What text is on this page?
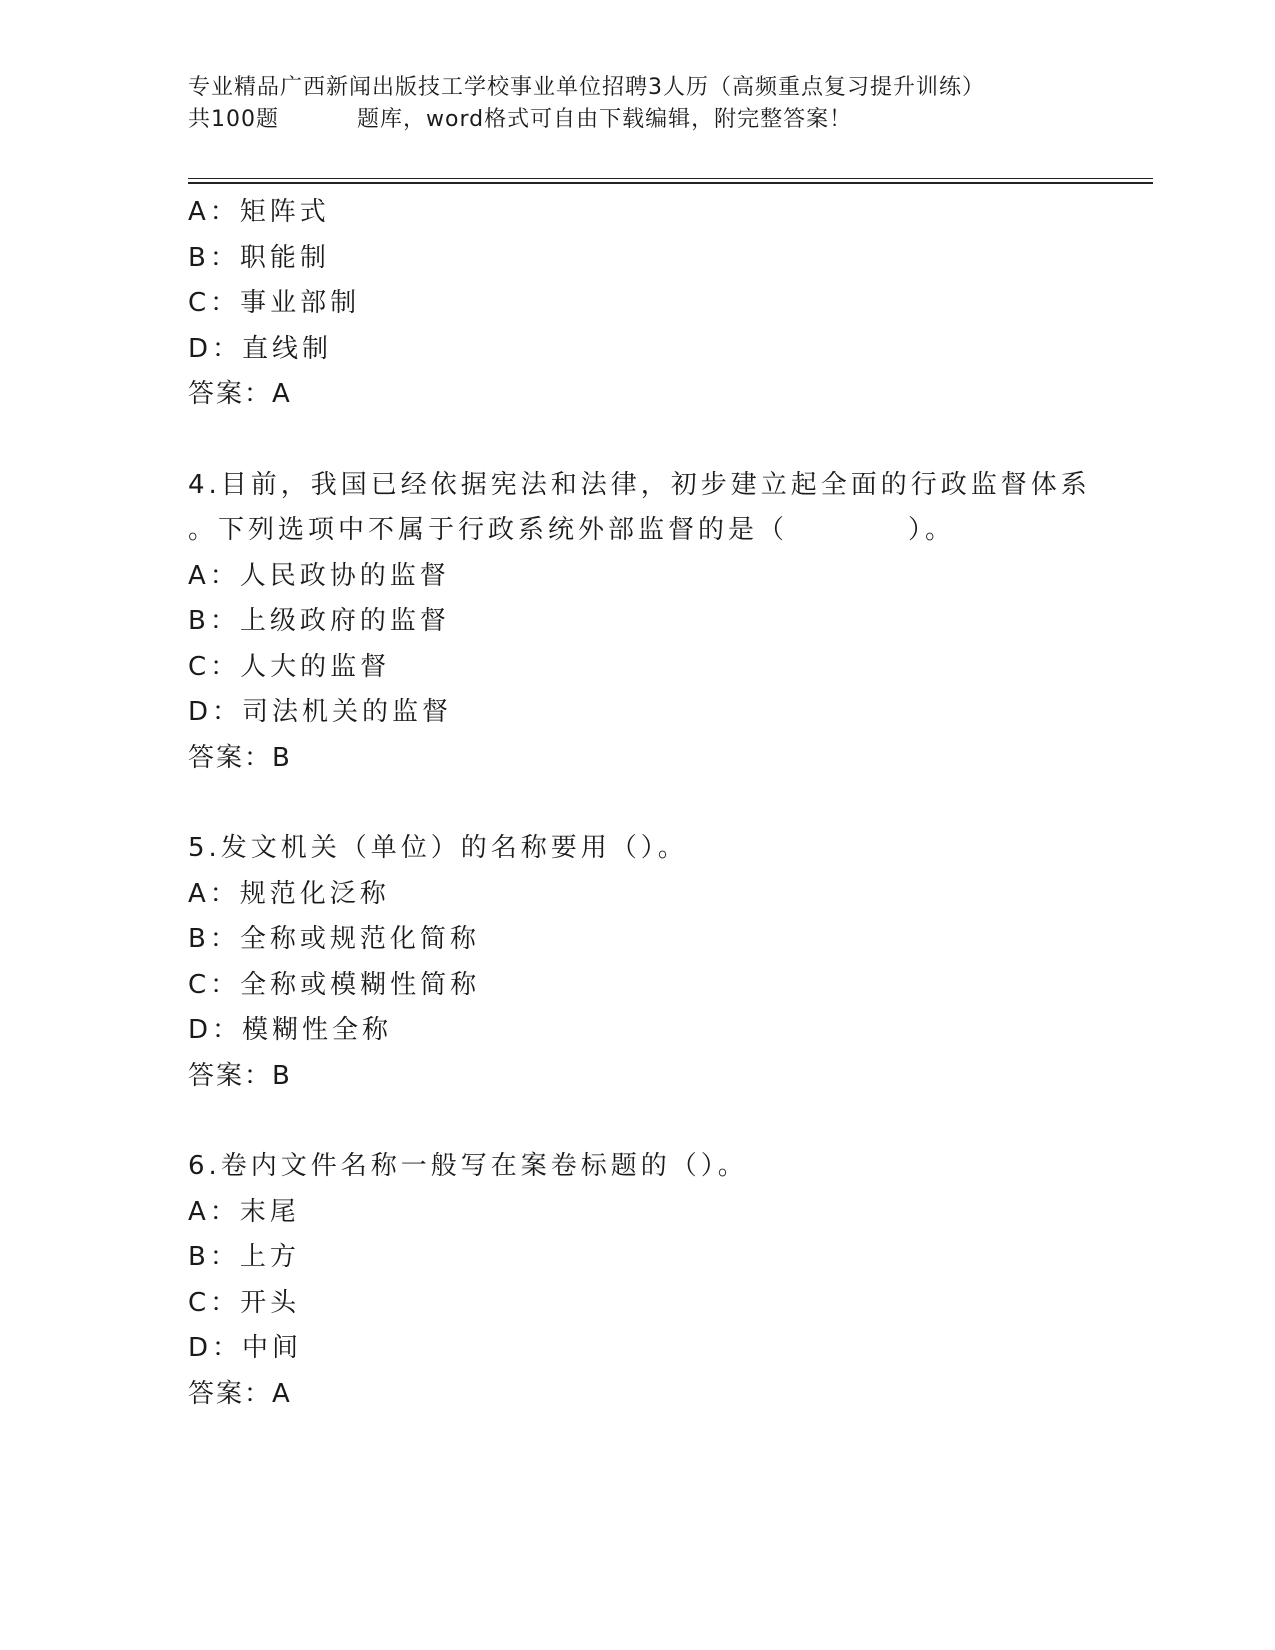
专业精品广西新闻出版技工学校事业单位招聘3人历（高频重点复习提升训练）
共100题	题库，word格式可自由下载编辑，附完整答案！
A：矩阵式
B：职能制
C：事业部制
D：直线制
答案：A
4.目前，我国已经依据宪法和法律，初步建立起全面的行政监督体系
。下列选项中不属于行政系统外部监督的是（	）。
A：人民政协的监督
B：上级政府的监督
C：人大的监督
D：司法机关的监督
答案：B
5.发文机关（单位）的名称要用（）。
A：规范化泛称
B：全称或规范化简称
C：全称或模糊性简称
D：模糊性全称
答案：B
6.卷内文件名称一般写在案卷标题的（）。
A：末尾
B：上方
C：开头
D：中间
答案：A
